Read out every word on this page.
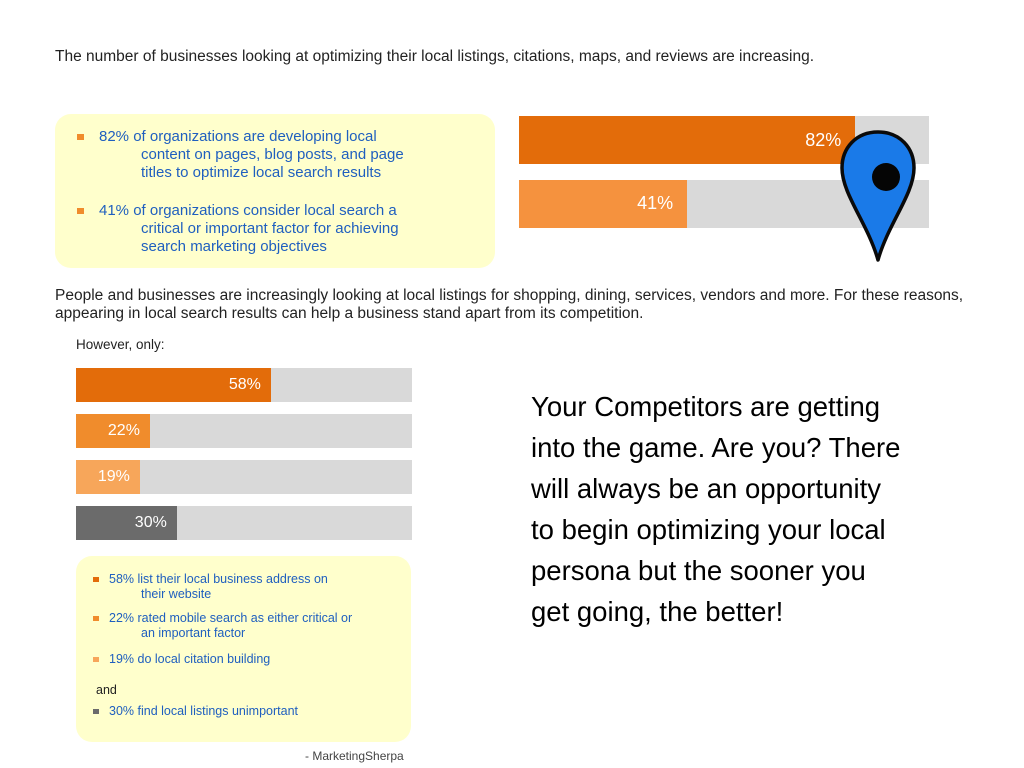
The number of businesses looking at optimizing their local listings, citations, maps, and reviews are increasing.
82% of organizations are developing local
content on pages, blog posts, and page
titles to optimize local search results
41% of organizations consider local search a
critical or important factor for achieving
search marketing objectives
82%
41%
People and businesses are increasingly looking at local listings for shopping, dining, services, vendors and more. For these reasons, appearing in local search results can help a business stand apart from its competition.
However, only:
58%
22%
19%
30%
58% list their local business address on
their website
22% rated mobile search as either critical or
an important factor
19% do local citation building
30% find local listings unimportant
and
- MarketingSherpa
Your Competitors are getting into the game. Are you? There will always be an opportunity to begin optimizing your local persona but the sooner you get going, the better!
